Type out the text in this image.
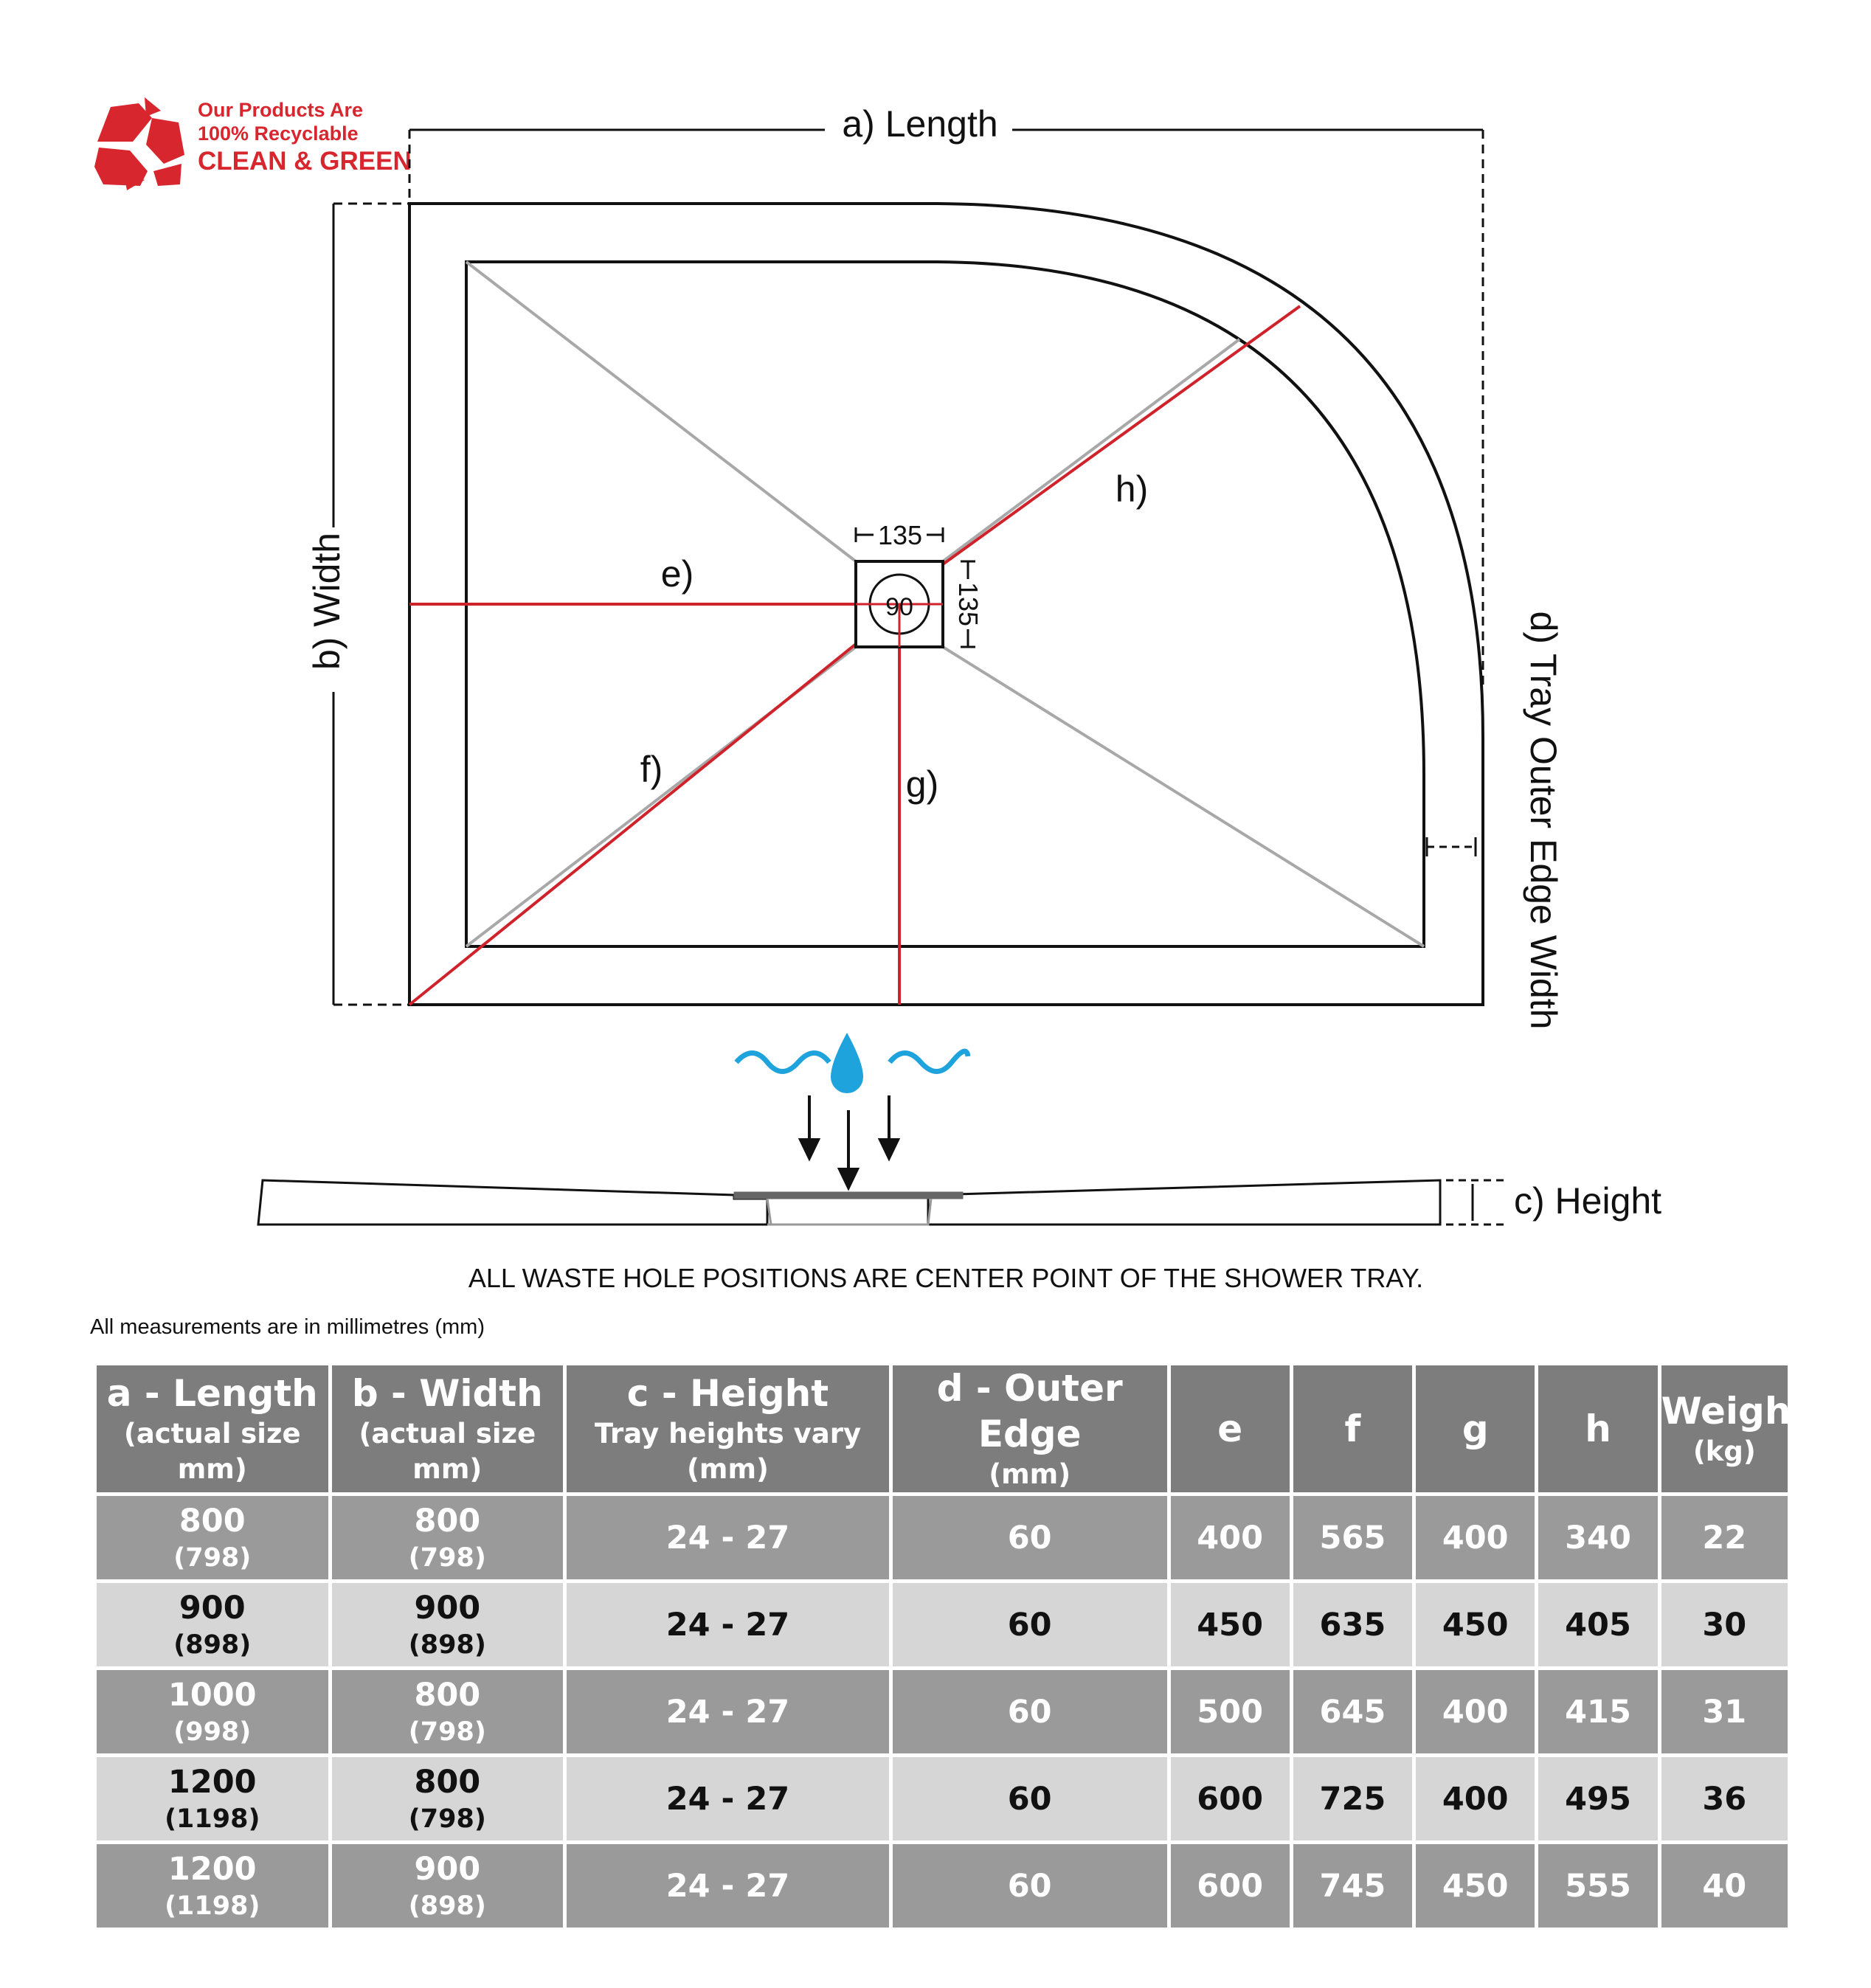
Our Products Are
100% Recyclable
CLEAN & GREEN
a) Length
b) Width	90
135
135
e)
f)	g)
h)
d) Tray Outer Edge Width
c) Height
ALL WASTE HOLE POSITIONS ARE CENTER POINT OF THE SHOWER TRAY.
All measurements are in millimetres (mm)
a - Length
(actual size mm)	b - Width
(actual size mm)	c - Height
Tray heights vary (mm)	d - Outer Edge
(mm)	e	f	g	h	Weight
(kg)

800
(798)	800
(798)	24 - 27	60	400	565	400	340	22

900
(898)	900
(898)	24 - 27	60	450	635	450	405	30

1000
(998)	800
(798)	24 - 27	60	500	645	400	415	31

1200
(1198)	800
(798)	24 - 27	60	600	725	400	495	36

1200
(1198)	900
(898)	24 - 27	60	600	745	450	555	40
